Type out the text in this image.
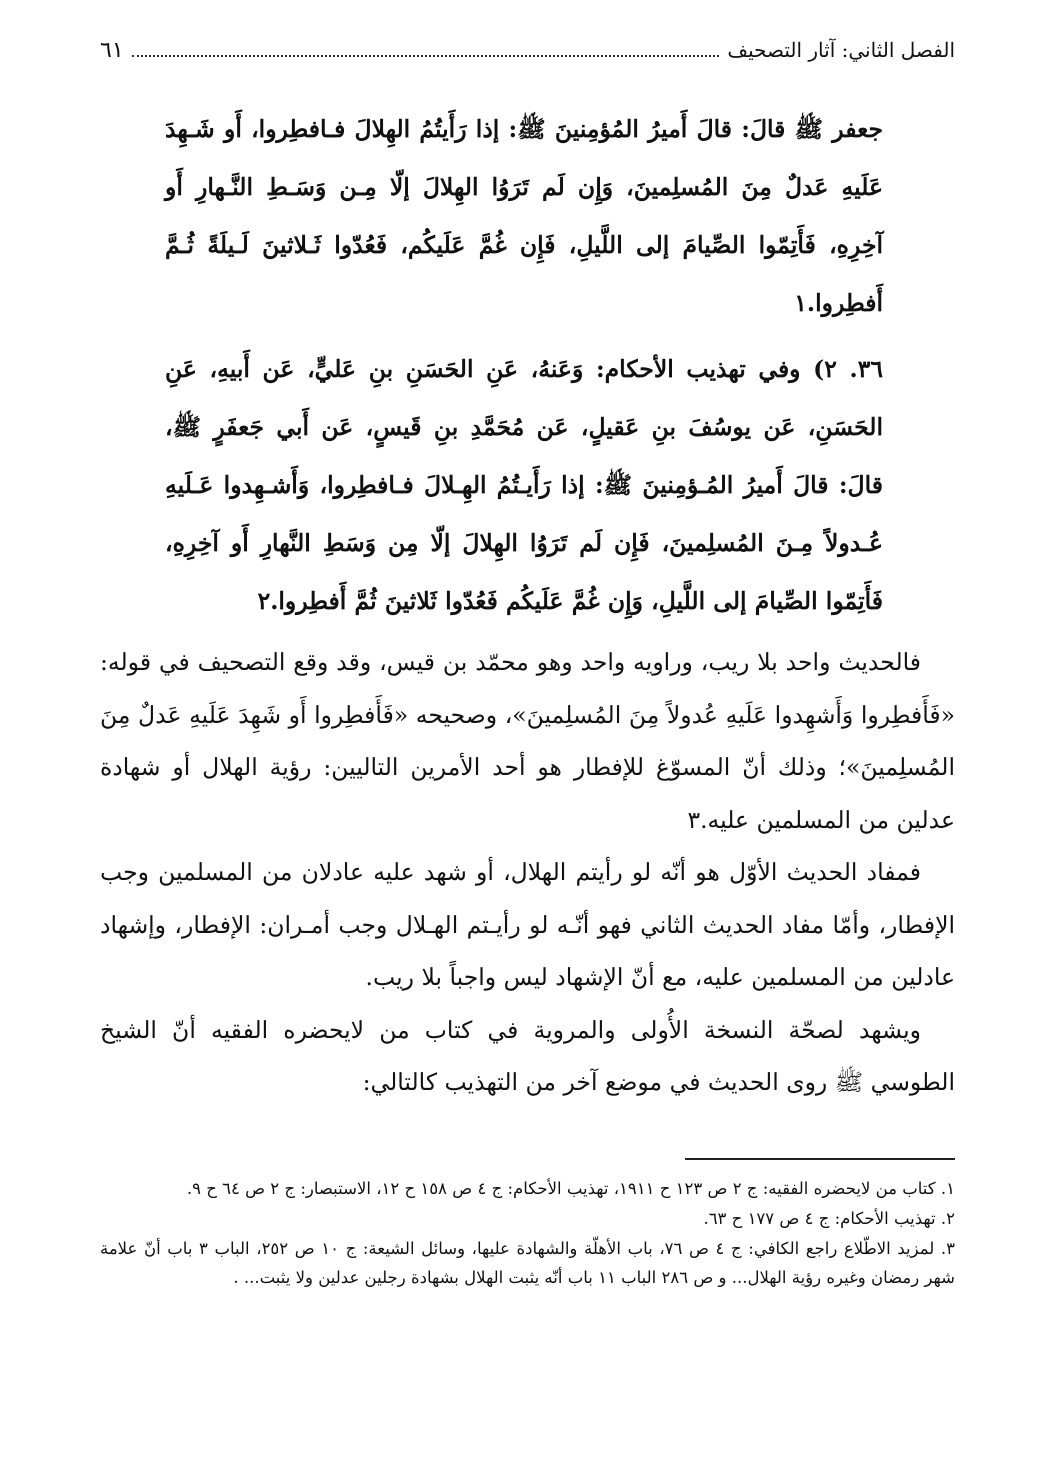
الفصل الثاني: آثار التصحيف
٦١
جعفر ﷺ قالَ: قالَ أَميرُ المُؤمِنينَ ﷺ: إذا رَأَيتُمُ الهِلالَ فـافطِروا، أَو شَـهِدَ عَلَيهِ عَدلٌ مِنَ المُسلِمينَ، وَإِن لَم تَرَوُا الهِلالَ إلّا مِـن وَسَـطِ النَّـهارِ أَو آخِرِهِ، فَأَتِمّوا الصِّيامَ إلى اللَّيلِ، فَإِن غُمَّ عَلَيكُم، فَعُدّوا ثَـلاثينَ لَـيلَةً ثُـمَّ أَفطِروا.١
٣٦. ٢) وفي تهذيب الأحكام: وَعَنهُ، عَنِ الحَسَنِ بنِ عَليٍّ، عَن أَبيهِ، عَنِ الحَسَنِ، عَن يوسُفَ بنِ عَقيلٍ، عَن مُحَمَّدِ بنِ قَيسٍ، عَن أَبي جَعفَرٍ ﷺ، قالَ: قالَ أَميرُ المُـؤمِنينَ ﷺ: إذا رَأَيـتُمُ الهِـلالَ فـافطِروا، وَأَشـهِدوا عَـلَيهِ عُـدولاً مِـنَ المُسلِمينَ، فَإِن لَم تَرَوُا الهِلالَ إلّا مِن وَسَطِ النَّهارِ أَو آخِرِهِ، فَأَتِمّوا الصِّيامَ إلى اللَّيلِ، وَإِن غُمَّ عَلَيكُم فَعُدّوا ثَلاثينَ ثُمَّ أَفطِروا.٢

فالحديث واحد بلا ريب، وراويه واحد وهو محمّد بن قيس، وقد وقع التصحيف في قوله: «فَأَفطِروا وَأَشهِدوا عَلَيهِ عُدولاً مِنَ المُسلِمينَ»، وصحيحه «فَأَفطِروا أَو شَهِدَ عَلَيهِ عَدلٌ مِنَ المُسلِمينَ»؛ وذلك أنّ المسوّغ للإفطار هو أحد الأمرين التاليين: رؤية الهلال أو شهادة عدلين من المسلمين عليه.٣

فمفاد الحديث الأوّل هو أنّه لو رأيتم الهلال، أو شهد عليه عادلان من المسلمين وجب الإفطار، وأمّا مفاد الحديث الثاني فهو أنّـه لو رأيـتم الهـلال وجب أمـران: الإفطار، وإشهاد عادلين من المسلمين عليه، مع أنّ الإشهاد ليس واجباً بلا ريب.

ويشهد لصحّة النسخة الأُولى والمروية في كتاب من لايحضره الفقيه أنّ الشيخ الطوسي ﷺ روى الحديث في موضع آخر من التهذيب كالتالي:

١. كتاب من لايحضره الفقيه: ج ٢ ص ١٢٣ ح ١٩١١، تهذيب الأحكام: ج ٤ ص ١٥٨ ح ١٢، الاستبصار: ج ٢ ص ٦٤ ح ٩.

٢. تهذيب الأحكام: ج ٤ ص ١٧٧ ح ٦٣.

٣. لمزيد الاطّلاع راجع الكافي: ج ٤ ص ٧٦، باب الأهلّة والشهادة عليها، وسائل الشيعة: ج ١٠ ص ٢٥٢، الباب ٣ باب أنّ علامة شهر رمضان وغيره رؤية الهلال... و ص ٢٨٦ الباب ١١ باب أنّه يثبت الهلال بشهادة رجلين عدلين ولا يثبت... .
